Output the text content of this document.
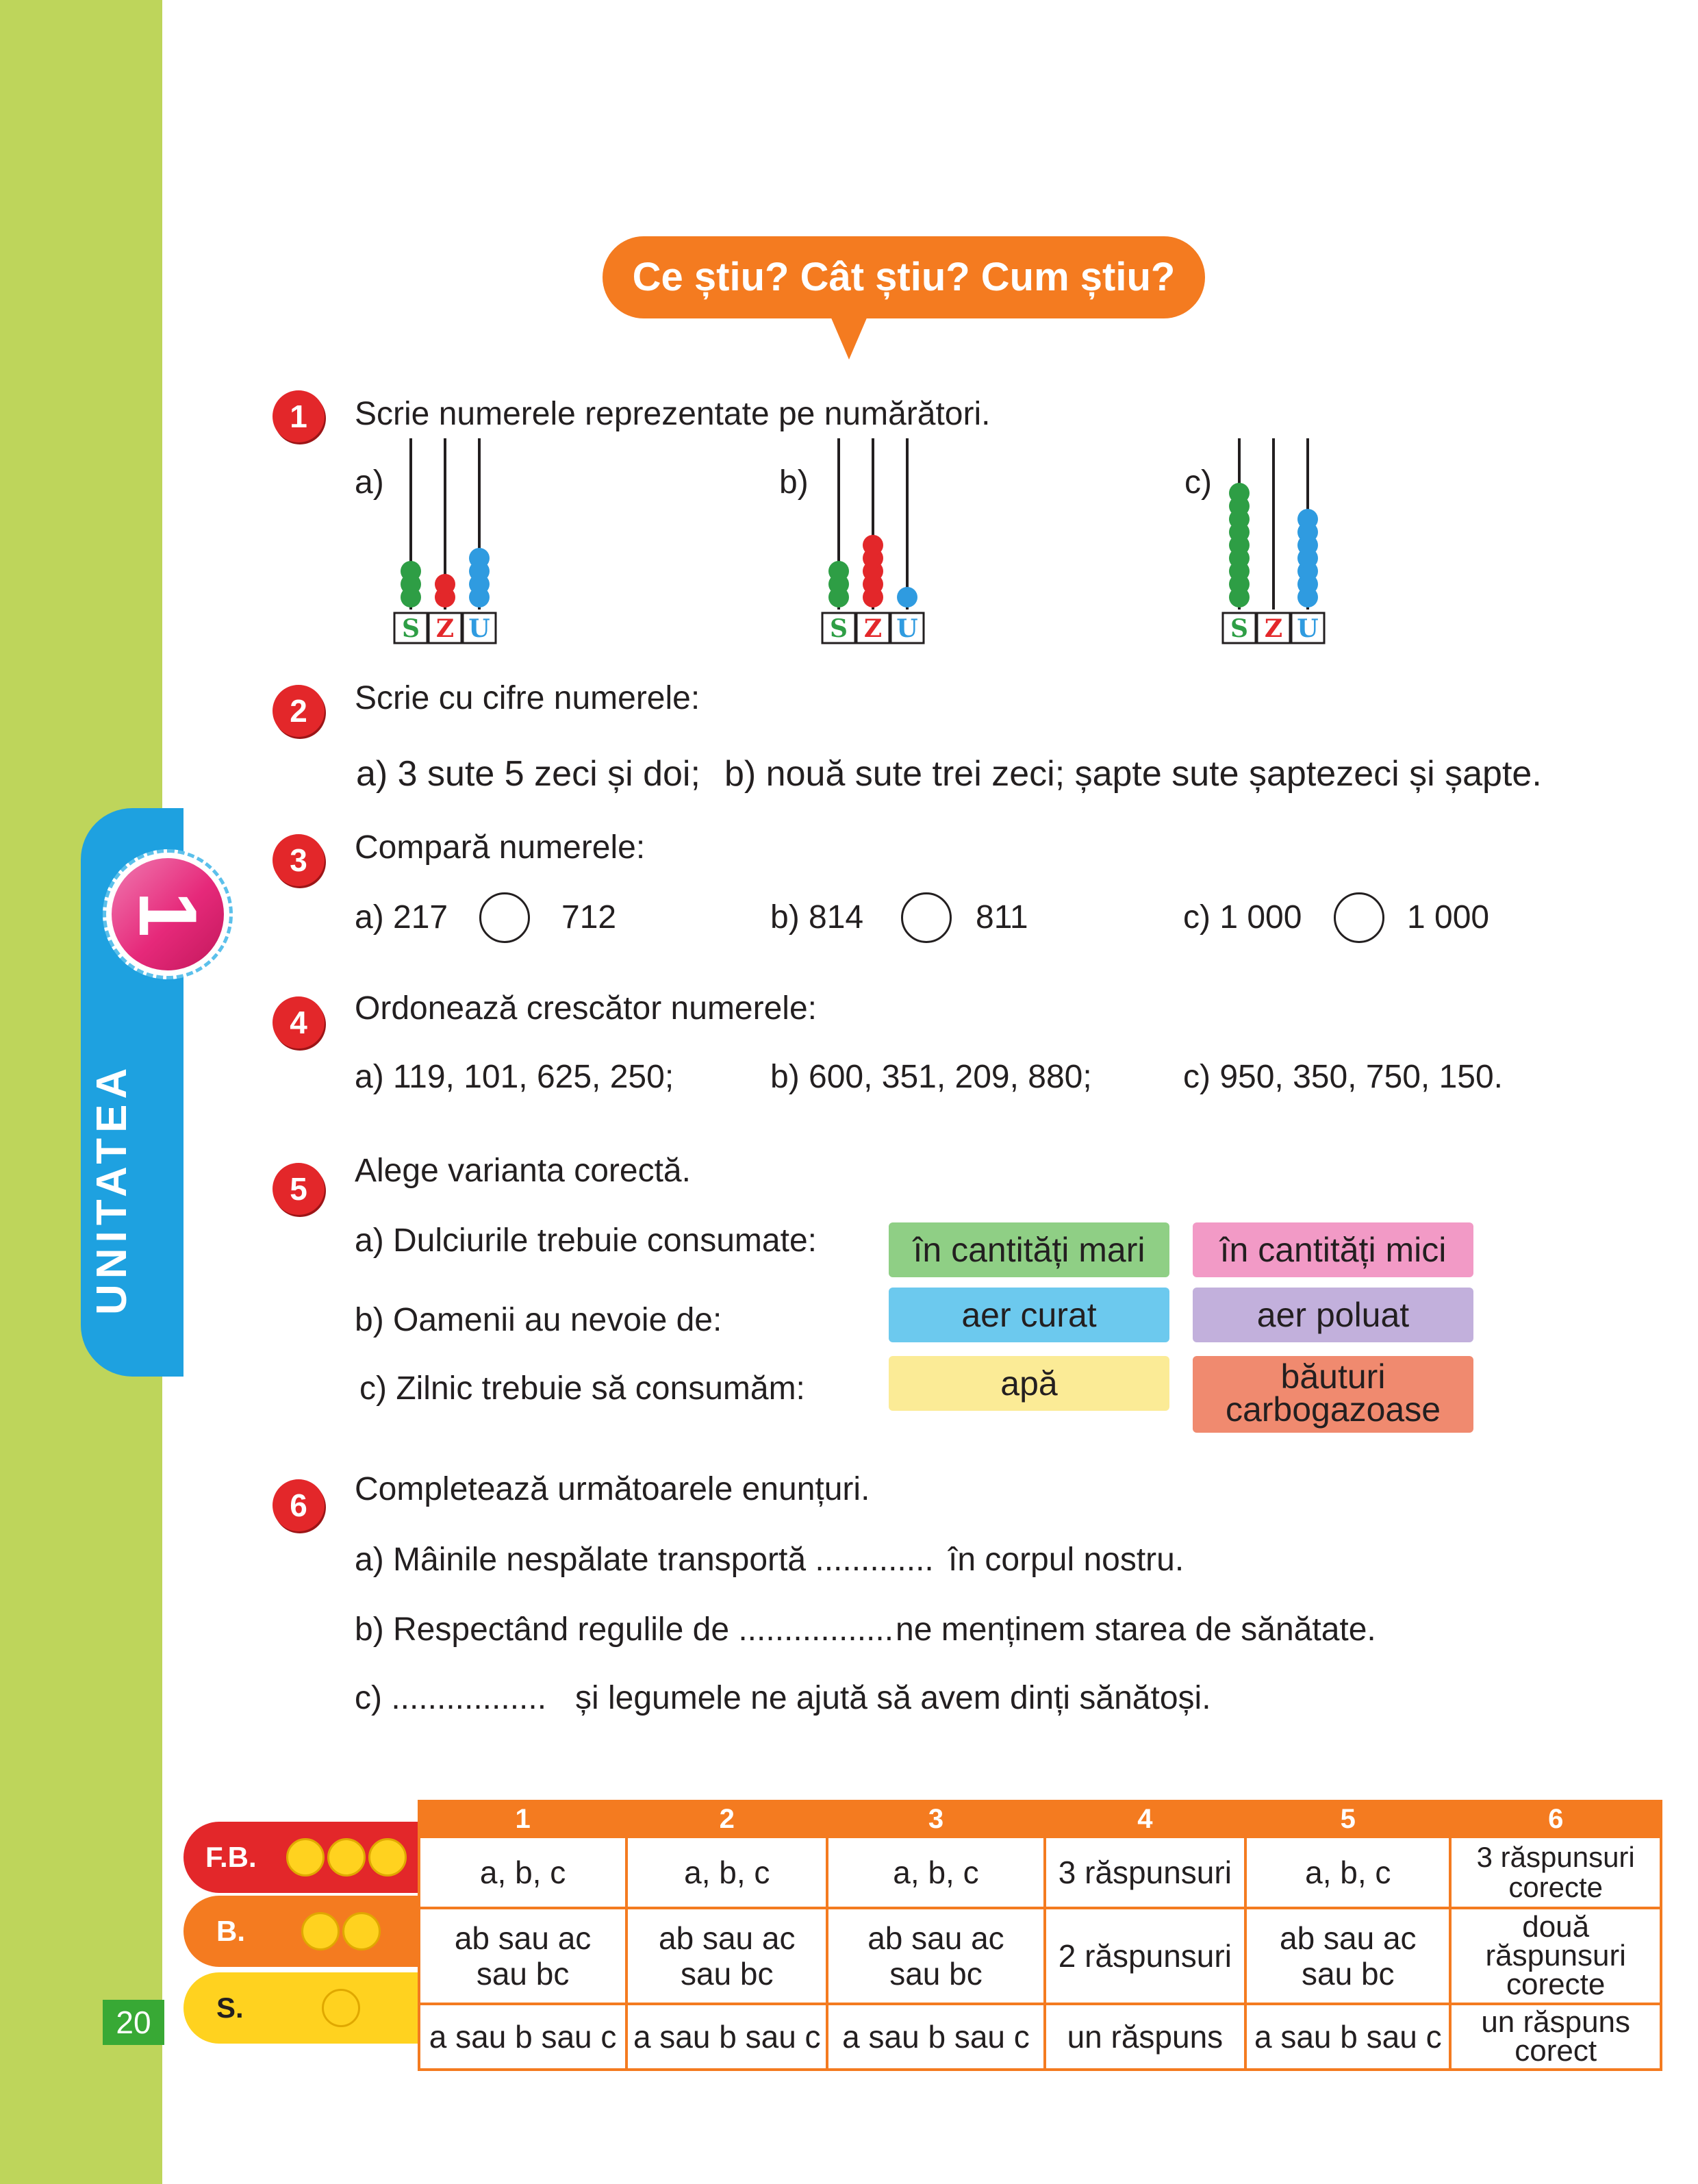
UNITATEA
1
20
Ce știu? Cât știu? Cum știu?
1	Scrie numerele reprezentate pe numărători.
a)	b)	c)
S Z U	S Z U	S Z U
2	Scrie cu cifre numerele:
a) 3 sute 5 zeci și doi; b) nouă sute trei zeci; șapte sute șaptezeci și șapte.
3	Compară numerele:
a) 217	712	b) 814	811	c) 1 000	1 000
4	Ordonează crescător numerele:
a) 119, 101, 625, 250;	b) 600, 351, 209, 880;	c) 950, 350, 750, 150.
5	Alege varianta corectă.
a) Dulciurile trebuie consumate:	în cantități mari	în cantități mici
b) Oamenii au nevoie de:	aer curat	aer poluat
c) Zilnic trebuie să consumăm:	apă	băuturi carbogazoase
6	Completează următoarele enunțuri.
a) Mâinile nespălate transportă ............. în corpul nostru.
b) Respectând regulile de ................. ne menținem starea de sănătate.
c) ................. și legumele ne ajută să avem dinți sănătoși.
F.B.
B.
S.
1	2	3	4	5	6
a, b, c	a, b, c	a, b, c	3 răspunsuri	a, b, c	3 răspunsuri corecte
ab sau ac sau bc	ab sau ac sau bc	ab sau ac sau bc	2 răspunsuri	ab sau ac sau bc	două răspunsuri corecte
a sau b sau c	a sau b sau c	a sau b sau c	un răspuns	a sau b sau c	un răspuns corect
